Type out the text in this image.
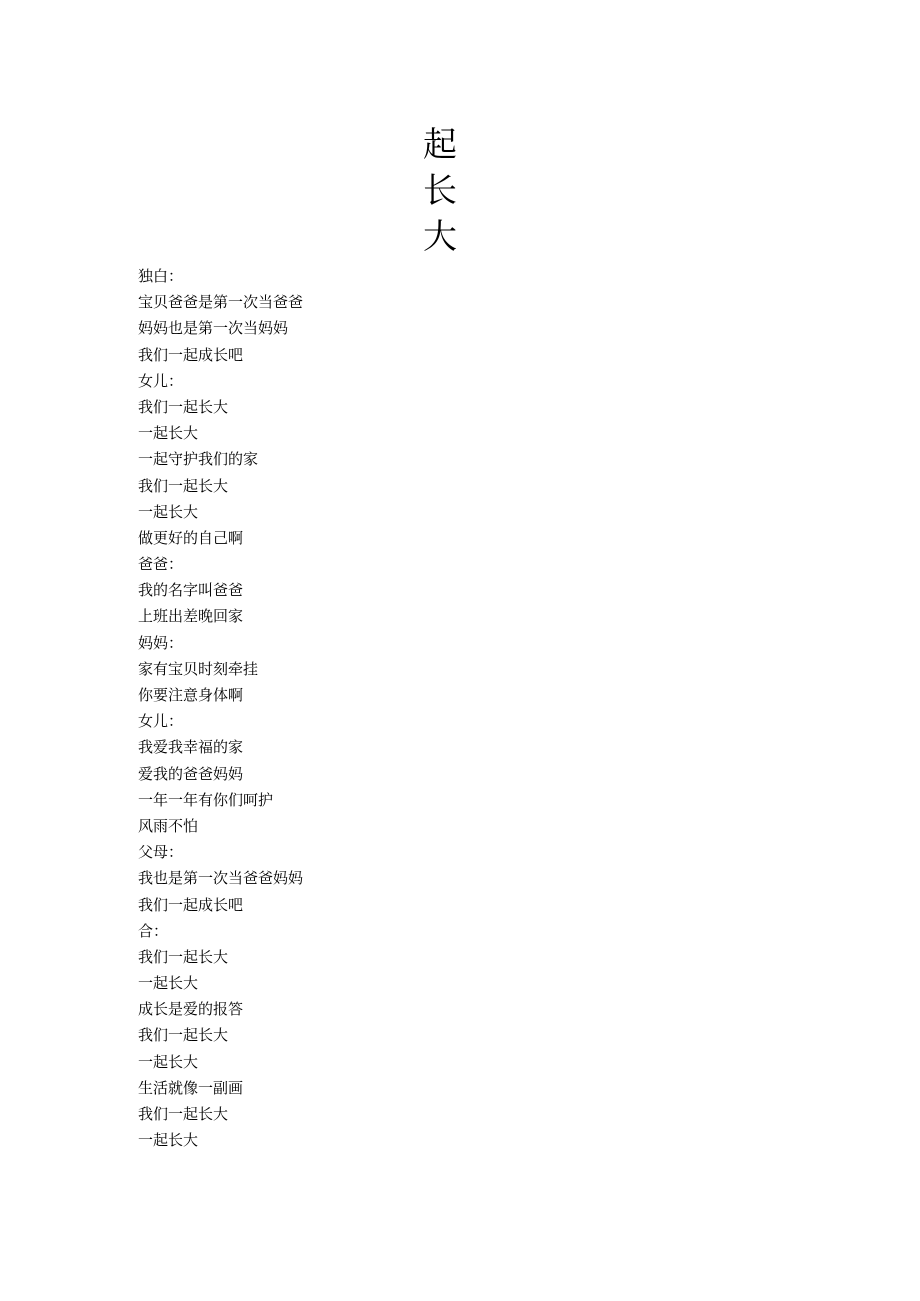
起
长
大
独白：
宝贝爸爸是第一次当爸爸
妈妈也是第一次当妈妈
我们一起成长吧
女儿：
我们一起长大
一起长大
一起守护我们的家
我们一起长大
一起长大
做更好的自己啊
爸爸：
我的名字叫爸爸
上班出差晚回家
妈妈：
家有宝贝时刻牵挂
你要注意身体啊
女儿：
我爱我幸福的家
爱我的爸爸妈妈
一年一年有你们呵护
风雨不怕
父母：
我也是第一次当爸爸妈妈
我们一起成长吧
合：
我们一起长大
一起长大
成长是爱的报答
我们一起长大
一起长大
生活就像一副画
我们一起长大
一起长大
